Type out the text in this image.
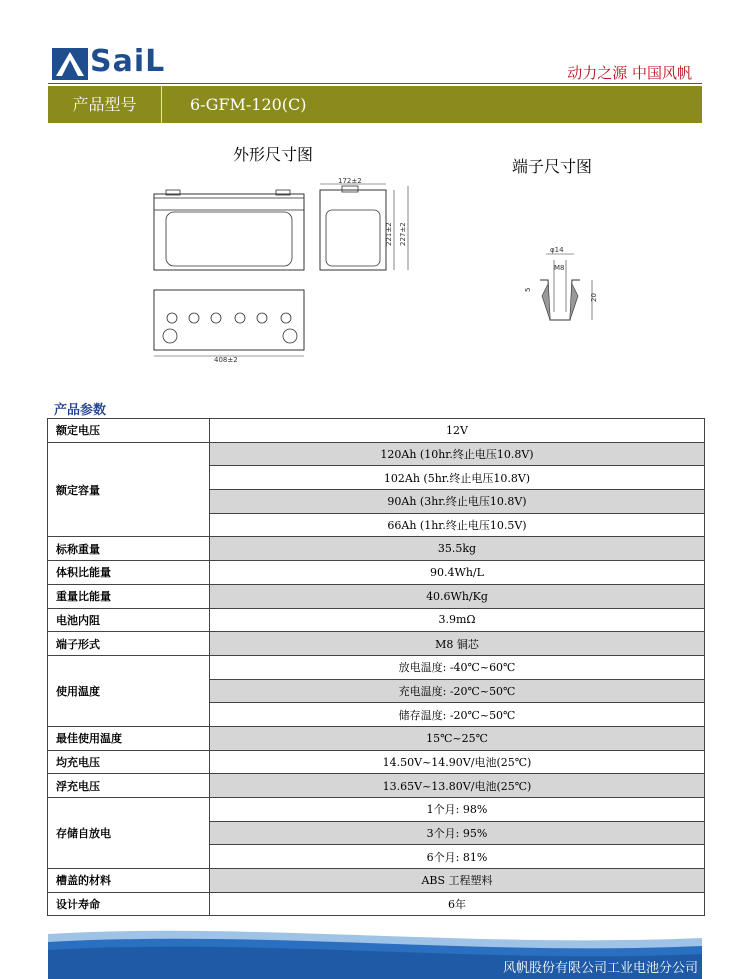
SaiL	动力之源 中国风帆
产品型号	6-GFM-120(C)
外形尺寸图
端子尺寸图
172±2
221±2 227±2
408±2
φ14
M8
20
5
产品参数
额定电压	12V
额定容量	120Ah (10hr.终止电压10.8V)
	102Ah (5hr.终止电压10.8V)
	90Ah (3hr.终止电压10.8V)
	66Ah (1hr.终止电压10.5V)
标称重量	35.5kg
体积比能量	90.4Wh/L
重量比能量	40.6Wh/Kg
电池内阻	3.9mΩ
端子形式	M8 铜芯
使用温度	放电温度: -40℃~60℃
	充电温度: -20℃~50℃
	储存温度: -20℃~50℃
最佳使用温度	15℃~25℃
均充电压	14.50V~14.90V/电池(25℃)
浮充电压	13.65V~13.80V/电池(25℃)
存储自放电	1个月: 98%
	3个月: 95%
	6个月: 81%
槽盖的材料	ABS 工程塑料
设计寿命	6年
风帆股份有限公司工业电池分公司
